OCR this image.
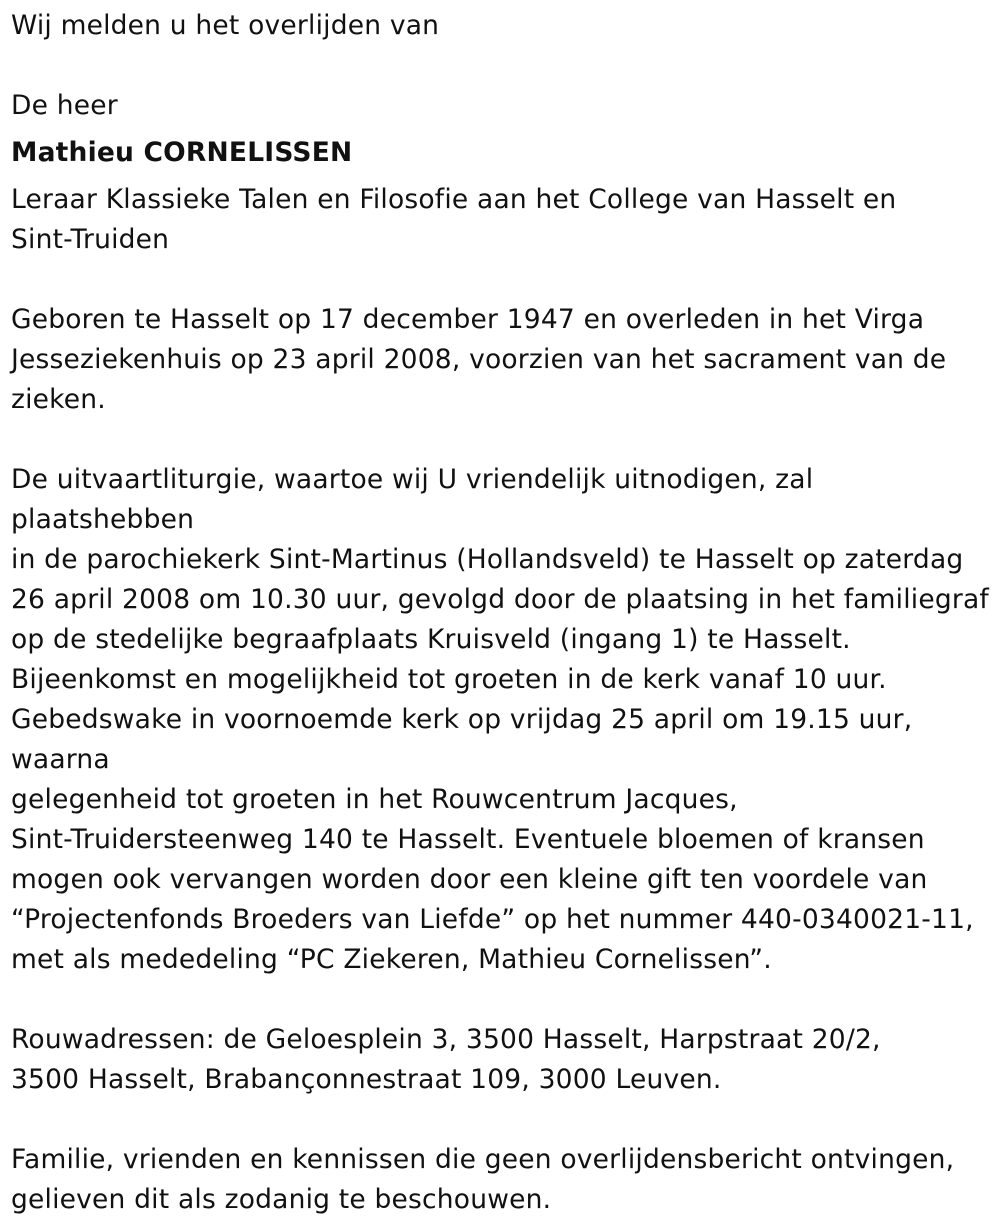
Wij melden u het overlijden van

De heer

Mathieu CORNELISSEN

Leraar Klassieke Talen en Filosofie aan het College van Hasselt en Sint-Truiden

Geboren te Hasselt op 17 december 1947 en overleden in het Virga Jesseziekenhuis op 23 april 2008, voorzien van het sacrament van de zieken.

De uitvaartliturgie, waartoe wij U vriendelijk uitnodigen, zal plaatshebben

in de parochiekerk Sint-Martinus (Hollandsveld) te Hasselt op zaterdag

26 april 2008 om 10.30 uur, gevolgd door de plaatsing in het familiegraf

op de stedelijke begraafplaats Kruisveld (ingang 1) te Hasselt.

Bijeenkomst en mogelijkheid tot groeten in de kerk vanaf 10 uur.

Gebedswake in voornoemde kerk op vrijdag 25 april om 19.15 uur, waarna

gelegenheid tot groeten in het Rouwcentrum Jacques,

Sint-Truidersteenweg 140 te Hasselt. Eventuele bloemen of kransen

mogen ook vervangen worden door een kleine gift ten voordele van

“Projectenfonds Broeders van Liefde” op het nummer 440-0340021-11,

met als mededeling “PC Ziekeren, Mathieu Cornelissen”.

Rouwadressen: de Geloesplein 3, 3500 Hasselt, Harpstraat 20/2, 3500 Hasselt, Brabançonnestraat 109, 3000 Leuven.

Familie, vrienden en kennissen die geen overlijdensbericht ontvingen, gelieven dit als zodanig te beschouwen.
